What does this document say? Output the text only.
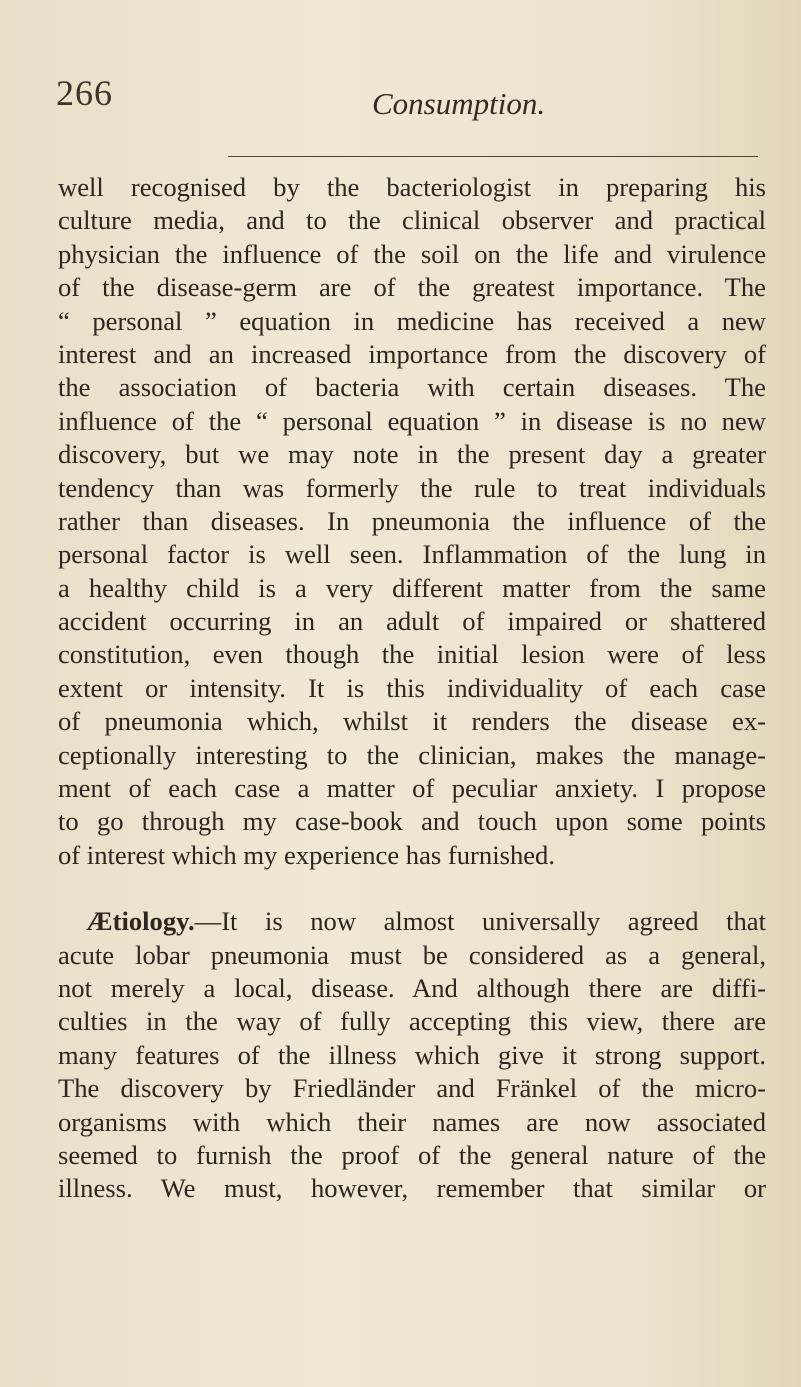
266	Consumption.
well recognised by the bacteriologist in preparing his
culture media, and to the clinical observer and practical
physician the influence of the soil on the life and virulence
of the disease-germ are of the greatest importance. The
“ personal ” equation in medicine has received a new
interest and an increased importance from the discovery of
the association of bacteria with certain diseases. The
influence of the “ personal equation ” in disease is no new
discovery, but we may note in the present day a greater
tendency than was formerly the rule to treat individuals
rather than diseases. In pneumonia the influence of the
personal factor is well seen. Inflammation of the lung in
a healthy child is a very different matter from the same
accident occurring in an adult of impaired or shattered
constitution, even though the initial lesion were of less
extent or intensity. It is this individuality of each case
of pneumonia which, whilst it renders the disease ex-
ceptionally interesting to the clinician, makes the manage-
ment of each case a matter of peculiar anxiety. I propose
to go through my case-book and touch upon some points
of interest which my experience has furnished.
Ætiology.—It is now almost universally agreed that
acute lobar pneumonia must be considered as a general,
not merely a local, disease. And although there are diffi-
culties in the way of fully accepting this view, there are
many features of the illness which give it strong support.
The discovery by Friedländer and Fränkel of the micro-
organisms with which their names are now associated
seemed to furnish the proof of the general nature of the
illness. We must, however, remember that similar or
